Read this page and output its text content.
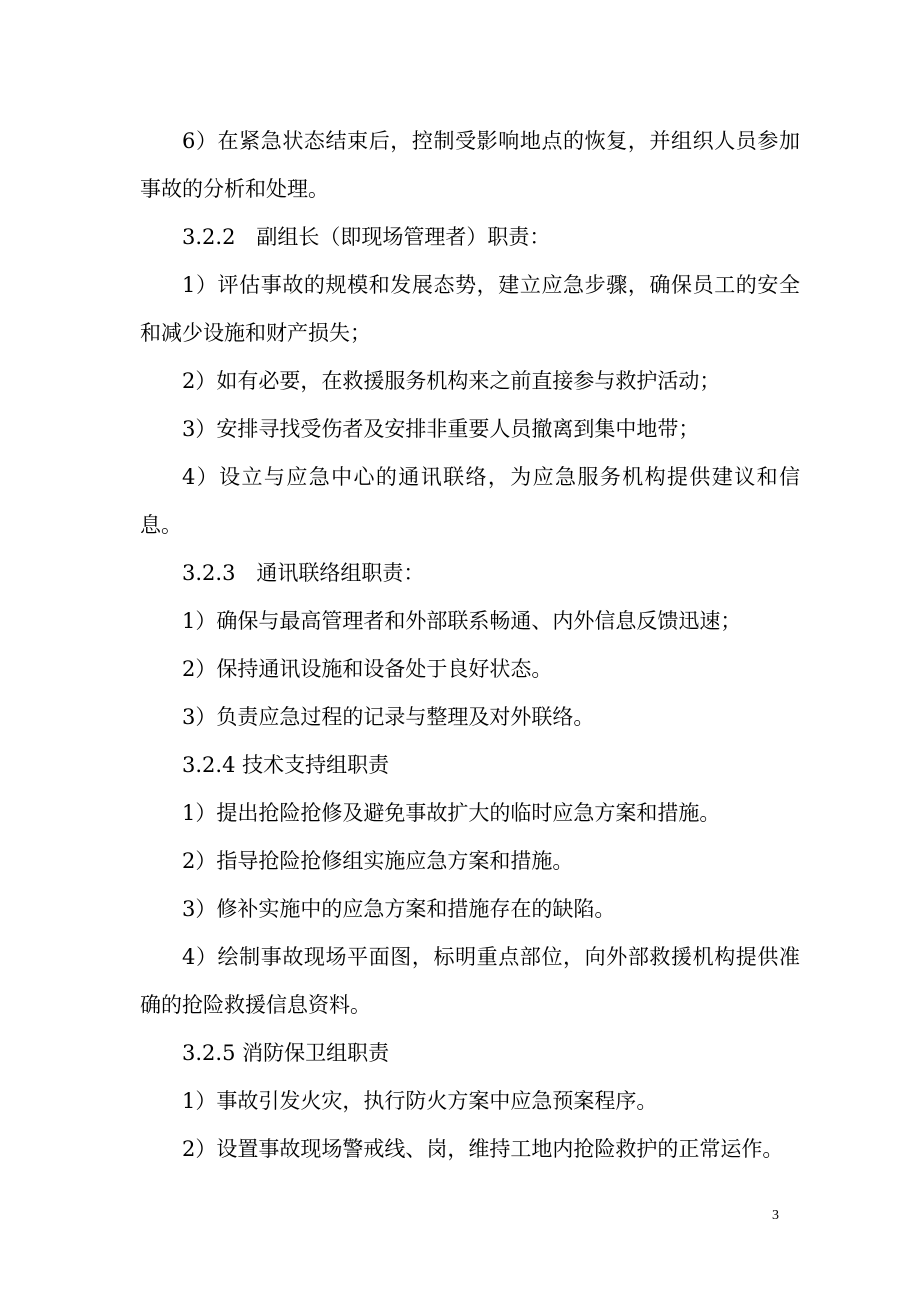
6）在紧急状态结束后，控制受影响地点的恢复，并组织人员参加事故的分析和处理。

3.2.2　副组长（即现场管理者）职责：

1）评估事故的规模和发展态势，建立应急步骤，确保员工的安全和减少设施和财产损失；

2）如有必要，在救援服务机构来之前直接参与救护活动；

3）安排寻找受伤者及安排非重要人员撤离到集中地带；

4）设立与应急中心的通讯联络，为应急服务机构提供建议和信息。

3.2.3　通讯联络组职责：

1）确保与最高管理者和外部联系畅通、内外信息反馈迅速；

2）保持通讯设施和设备处于良好状态。

3）负责应急过程的记录与整理及对外联络。

3.2.4 技术支持组职责

1）提出抢险抢修及避免事故扩大的临时应急方案和措施。

2）指导抢险抢修组实施应急方案和措施。

3）修补实施中的应急方案和措施存在的缺陷。

4）绘制事故现场平面图，标明重点部位，向外部救援机构提供准确的抢险救援信息资料。

3.2.5 消防保卫组职责

1）事故引发火灾，执行防火方案中应急预案程序。

2）设置事故现场警戒线、岗，维持工地内抢险救护的正常运作。

3
